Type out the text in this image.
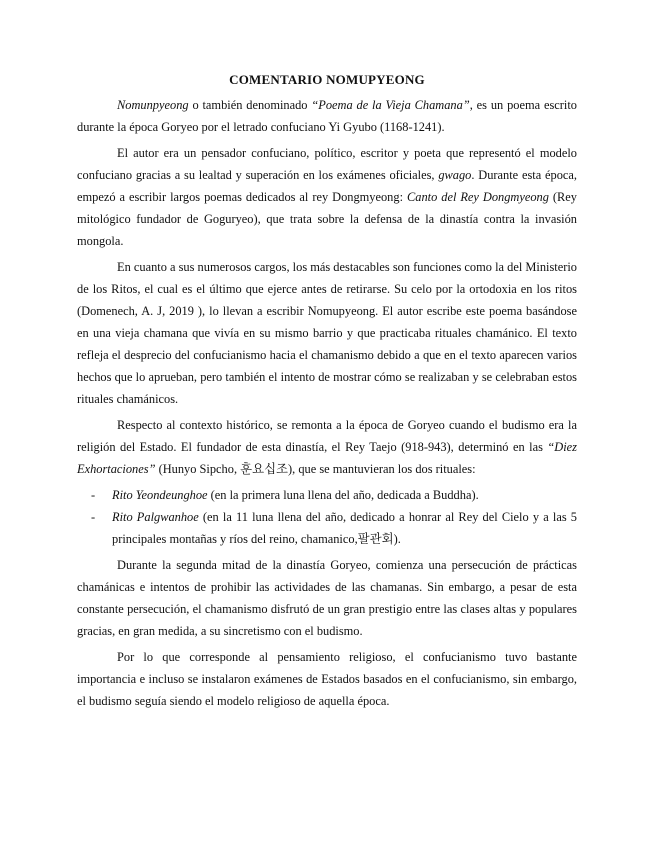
COMENTARIO NOMUPYEONG

Nomunpyeong o también denominado “Poema de la Vieja Chamana”, es un poema escrito durante la época Goryeo por el letrado confuciano Yi Gyubo (1168-1241).

El autor era un pensador confuciano, político, escritor y poeta que representó el modelo confuciano gracias a su lealtad y superación en los exámenes oficiales, gwago. Durante esta época, empezó a escribir largos poemas dedicados al rey Dongmyeong: Canto del Rey Dongmyeong (Rey mitológico fundador de Goguryeo), que trata sobre la defensa de la dinastía contra la invasión mongola.

En cuanto a sus numerosos cargos, los más destacables son funciones como la del Ministerio de los Ritos, el cual es el último que ejerce antes de retirarse. Su celo por la ortodoxia en los ritos (Domenech, A. J, 2019 ), lo llevan a escribir Nomupyeong. El autor escribe este poema basándose en una vieja chamana que vivía en su mismo barrio y que practicaba rituales chamánico. El texto refleja el desprecio del confucianismo hacia el chamanismo debido a que en el texto aparecen varios hechos que lo aprueban, pero también el intento de mostrar cómo se realizaban y se celebraban estos rituales chamánicos.

Respecto al contexto histórico, se remonta a la época de Goryeo cuando el budismo era la religión del Estado. El fundador de esta dinastía, el Rey Taejo (918-943), determinó en las “Diez Exhortaciones” (Hunyo Sipcho, 훈요십조), que se mantuvieran los dos rituales:

- Rito Yeondeunghoe (en la primera luna llena del año, dedicada a Buddha).
- Rito Palgwanhoe (en la 11 luna llena del año, dedicado a honrar al Rey del Cielo y a las 5 principales montañas y ríos del reino, chamanico,팔관회).

Durante la segunda mitad de la dinastía Goryeo, comienza una persecución de prácticas chamánicas e intentos de prohibir las actividades de las chamanas. Sin embargo, a pesar de esta constante persecución, el chamanismo disfrutó de un gran prestigio entre las clases altas y populares gracias, en gran medida, a su sincretismo con el budismo.

Por lo que corresponde al pensamiento religioso, el confucianismo tuvo bastante importancia e incluso se instalaron exámenes de Estados basados en el confucianismo, sin embargo, el budismo seguía siendo el modelo religioso de aquella época.
